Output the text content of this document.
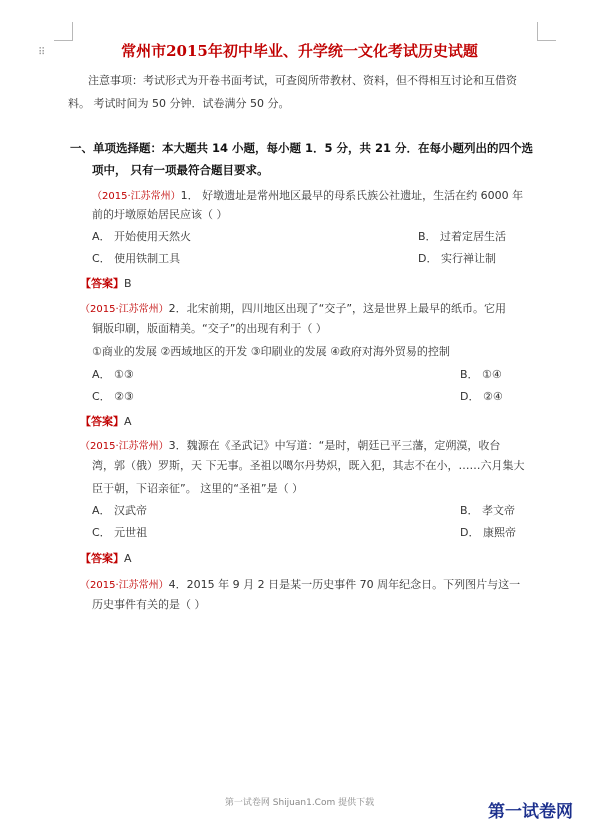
⠿	常州市2015年初中毕业、升学统一文化考试历史试题
注意事项：考试形式为开卷书面考试，可查阅所带教材、资料，但不得相互讨论和互借资
料。 考试时间为 50 分钟．试卷满分 50 分。
一、单项选择题：本大题共 14 小题，每小题 1．5 分，共 21 分．在每小题列出的四个选
项中， 只有一项最符合题目要求。
（2015·江苏常州）1． 好墩遗址是常州地区最早的母系氏族公社遗址，生活在约 6000 年
前的圩墩原始居民应该（ ）
A． 开始使用天然火	B． 过着定居生活
C． 使用铁制工具	D． 实行禅让制
【答案】B
（2015·江苏常州）2．北宋前期，四川地区出现了“交子”，这是世界上最早的纸币。它用
铜版印刷，版面精美。“交子”的出现有利于（ ）
①商业的发展 ②西域地区的开发 ③印刷业的发展 ④政府对海外贸易的控制
A． ①③	B． ①④
C． ②③	D． ②④
【答案】A
（2015·江苏常州）3．魏源在《圣武记》中写道：“是时，朝廷已平三藩，定朔漠，收台
湾，郭（俄）罗斯，天 下无事。圣祖以噶尔丹势炽，既入犯，其志不在小，……六月集大
臣于朝，下诏亲征”。 这里的“圣祖”是（ ）
A． 汉武帝	B． 孝文帝
C． 元世祖	D． 康熙帝
【答案】A
（2015·江苏常州）4．2015 年 9 月 2 日是某一历史事件 70 周年纪念日。下列图片与这一
历史事件有关的是（ ）
第一试卷网 Shijuan1.Com 提供下载	第一试卷网
